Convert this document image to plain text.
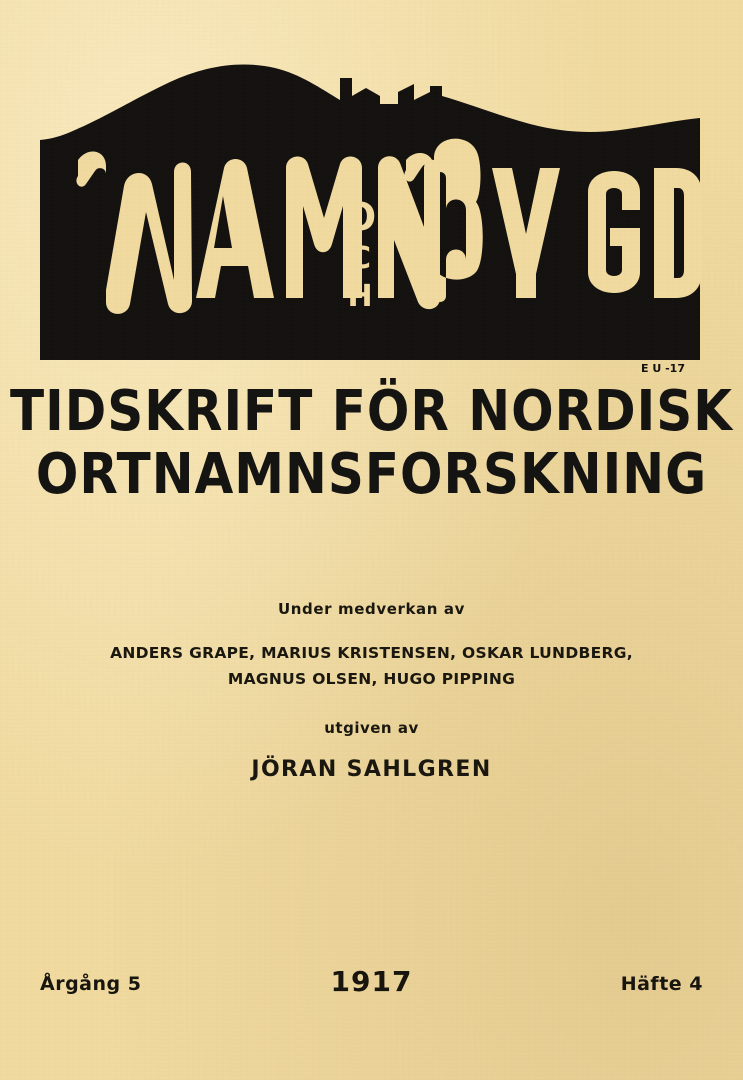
O
C
H
E U -17
TIDSKRIFT FÖR NORDISK
ORTNAMNSFORSKNING
Under medverkan av
ANDERS GRAPE, MARIUS KRISTENSEN, OSKAR LUNDBERG,
MAGNUS OLSEN, HUGO PIPPING
utgiven av
JÖRAN SAHLGREN
Årgång 5	1917	Häfte 4
